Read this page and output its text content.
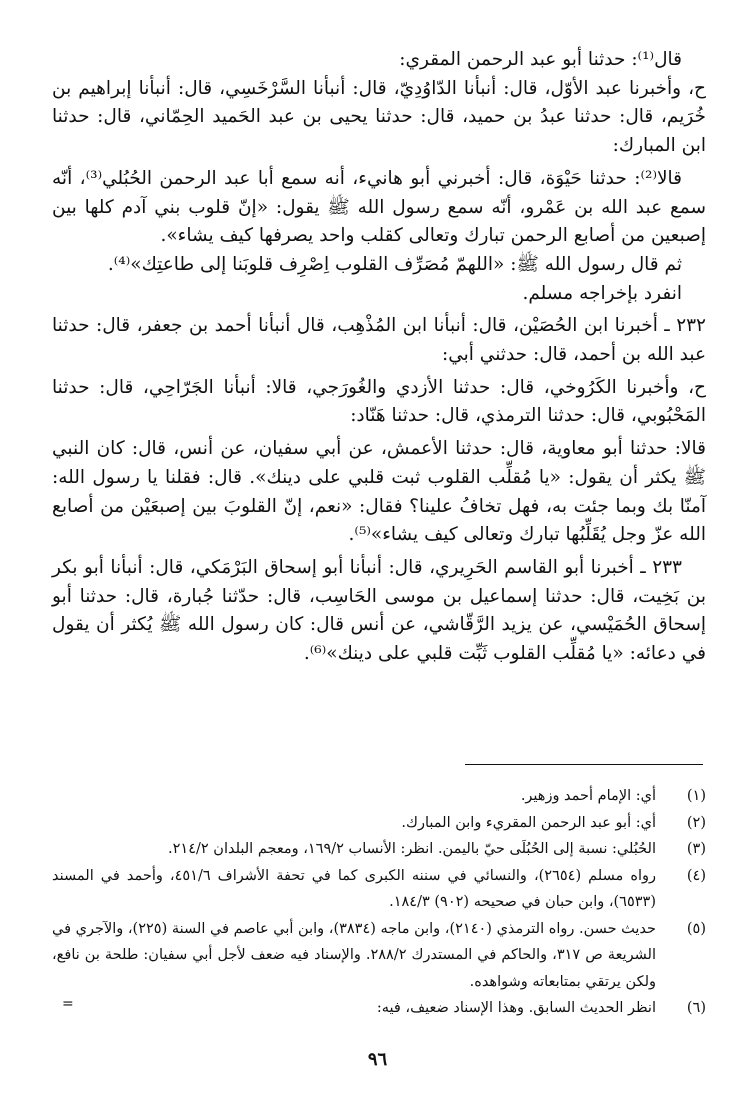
قال⁽¹⁾: حدثنا أبو عبد الرحمن المقري:

ح، وأخبرنا عبد الأوّل، قال: أنبأنا الدّاوُدِيّ، قال: أنبأنا السَّرْخَسِي، قال: أنبأنا إبراهيم بن خُرَيم، قال: حدثنا عبدُ بن حميد، قال: حدثنا يحيى بن عبد الحَميد الحِمّاني، قال: حدثنا ابن المبارك:

قالا⁽²⁾: حدثنا حَيْوَة، قال: أخبرني أبو هانيء، أنه سمع أبا عبد الرحمن الحُبُلي⁽³⁾، أنّه سمع عبد الله بن عَمْرو، أنّه سمع رسول الله ﷺ يقول: «إنّ قلوب بني آدم كلها بين إصبعين من أصابع الرحمن تبارك وتعالى كقلب واحد يصرفها كيف يشاء».

ثم قال رسول الله ﷺ: «اللهمّ مُصَرِّف القلوب اِصْرِف قلوبَنا إلى طاعتِك»⁽⁴⁾.

انفرد بإخراجه مسلم.

٢٣٢ ـ أخبرنا ابن الحُصَيْن، قال: أنبأنا ابن المُذْهِب، قال أنبأنا أحمد بن جعفر، قال: حدثنا عبد الله بن أحمد، قال: حدثني أبي:

ح، وأخبرنا الكَرُوخي، قال: حدثنا الأزدي والغُورَجي، قالا: أنبأنا الجَرّاحِي، قال: حدثنا المَحْبُوبي، قال: حدثنا الترمذي، قال: حدثنا هَنّاد:

قالا: حدثنا أبو معاوية، قال: حدثنا الأعمش، عن أبي سفيان، عن أنس، قال: كان النبي ﷺ يكثر أن يقول: «يا مُقلِّب القلوب ثبت قلبي على دينك». قال: فقلنا يا رسول الله: آمنّا بك وبما جئت به، فهل تخافُ علينا؟ فقال: «نعم، إنّ القلوبَ بين إصبعَيْن من أصابع الله عزّ وجل يُقَلِّبُها تبارك وتعالى كيف يشاء»⁽⁵⁾.

٢٣٣ ـ أخبرنا أبو القاسم الحَرِيري، قال: أنبأنا أبو إسحاق البَرْمَكي، قال: أنبأنا أبو بكر بن بَخِيت، قال: حدثنا إسماعيل بن موسى الحَاسِب، قال: حدّثنا جُبارة، قال: حدثنا أبو إسحاق الحُمَيْسي، عن يزيد الرَّقّاشي، عن أنس قال: كان رسول الله ﷺ يُكثر أن يقول في دعائه: «يا مُقلِّب القلوب ثَبِّت قلبي على دينك»⁽⁶⁾.

(١)
أي: الإمام أحمد وزهير.
(٢)
أي: أبو عبد الرحمن المقريء وابن المبارك.
(٣)
الحُبُلي: نسبة إلى الحُبُلَى حيّ باليمن. انظر: الأنساب ١٦٩/٢، ومعجم البلدان ٢١٤/٢.
(٤)
رواه مسلم (٢٦٥٤)، والنسائي في سننه الكبرى كما في تحفة الأشراف ٤٥١/٦، وأحمد في المسند (٦٥٣٣)، وابن حبان في صحيحه (٩٠٢) ١٨٤/٣.
(٥)
حديث حسن. رواه الترمذي (٢١٤٠)، وابن ماجه (٣٨٣٤)، وابن أبي عاصم في السنة (٢٢٥)، والآجري في الشريعة ص ٣١٧، والحاكم في المستدرك ٢٨٨/٢. والإسناد فيه ضعف لأجل أبي سفيان: طلحة بن نافع، ولكن يرتقي بمتابعاته وشواهده.
(٦)
انظر الحديث السابق. وهذا الإسناد ضعيف، فيه:
=
٩٦
